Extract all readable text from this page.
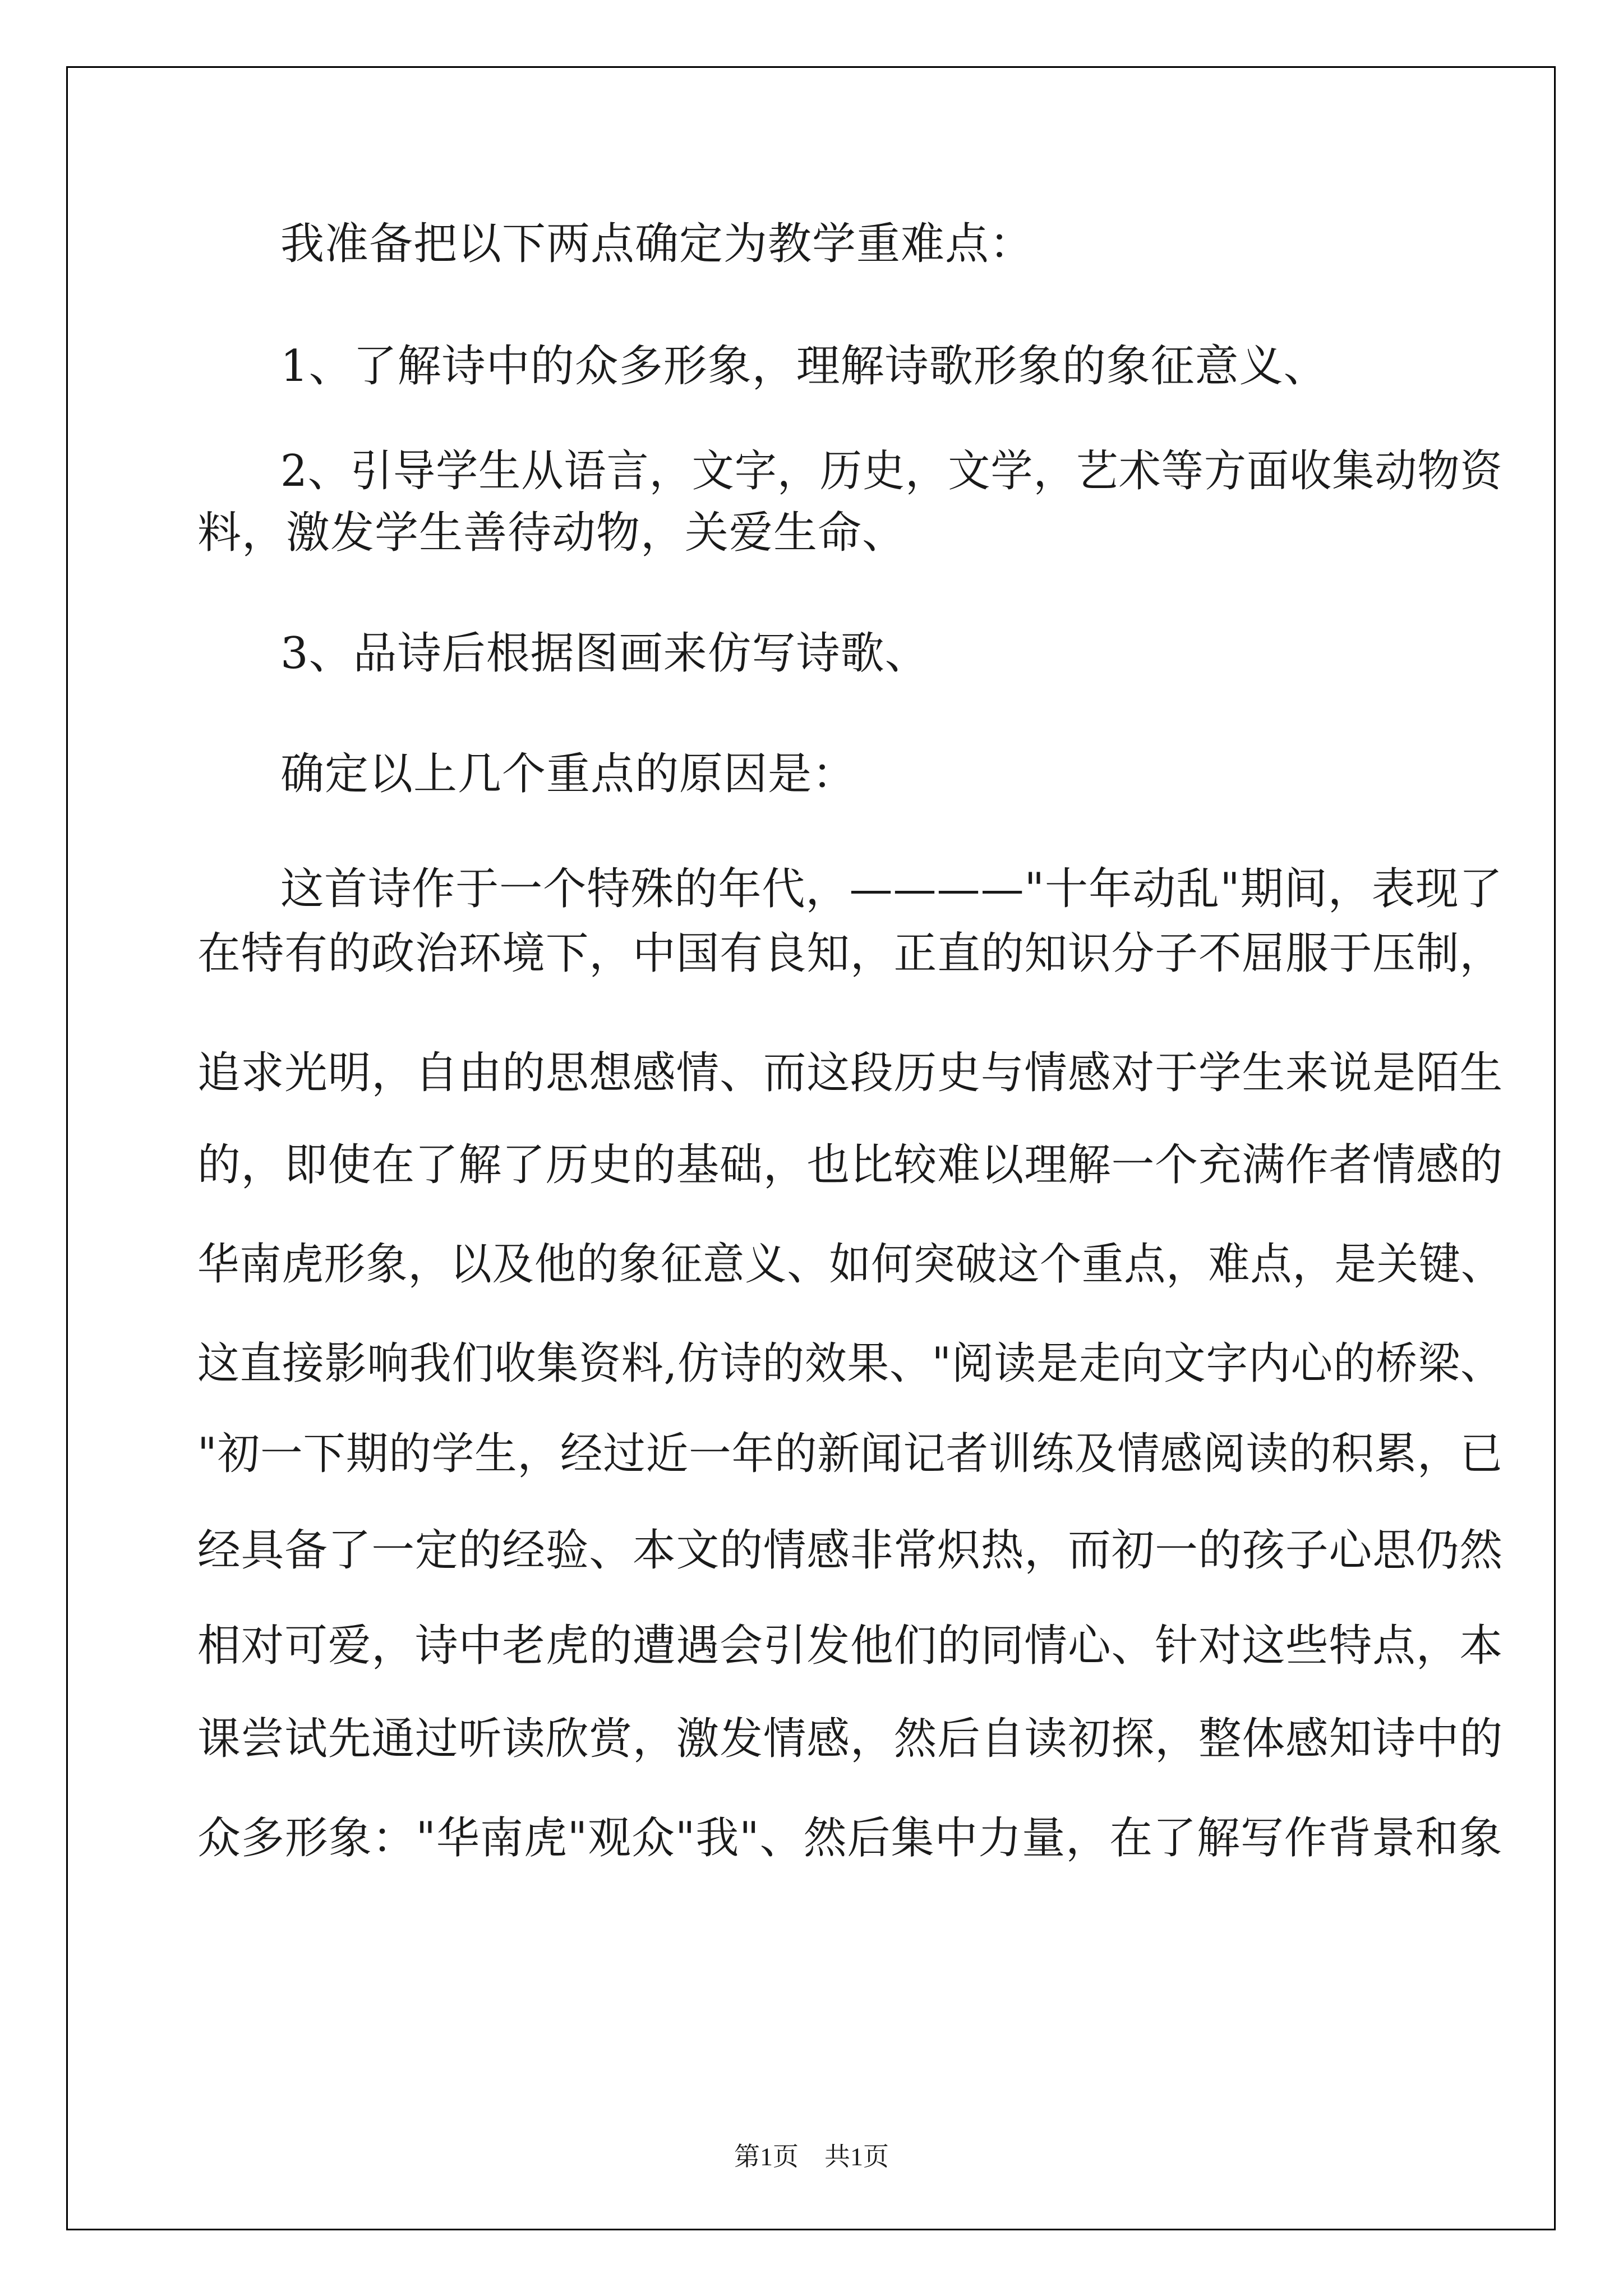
我准备把以下两点确定为教学重难点：
1、了解诗中的众多形象，理解诗歌形象的象征意义、
2、引导学生从语言，文字，历史，文学，艺术等方面收集动物资
料，激发学生善待动物，关爱生命、
3、品诗后根据图画来仿写诗歌、
确定以上几个重点的原因是：
这首诗作于一个特殊的年代，————"十年动乱"期间，表现了
在特有的政治环境下，中国有良知，正直的知识分子不屈服于压制，
追求光明，自由的思想感情、而这段历史与情感对于学生来说是陌生
的，即使在了解了历史的基础，也比较难以理解一个充满作者情感的
华南虎形象，以及他的象征意义、如何突破这个重点，难点，是关键、
这直接影响我们收集资料,仿诗的效果、"阅读是走向文字内心的桥梁、
"初一下期的学生，经过近一年的新闻记者训练及情感阅读的积累，已
经具备了一定的经验、本文的情感非常炽热，而初一的孩子心思仍然
相对可爱，诗中老虎的遭遇会引发他们的同情心、针对这些特点，本
课尝试先通过听读欣赏，激发情感，然后自读初探，整体感知诗中的
众多形象："华南虎"观众"我"、然后集中力量，在了解写作背景和象
第1页 共1页
